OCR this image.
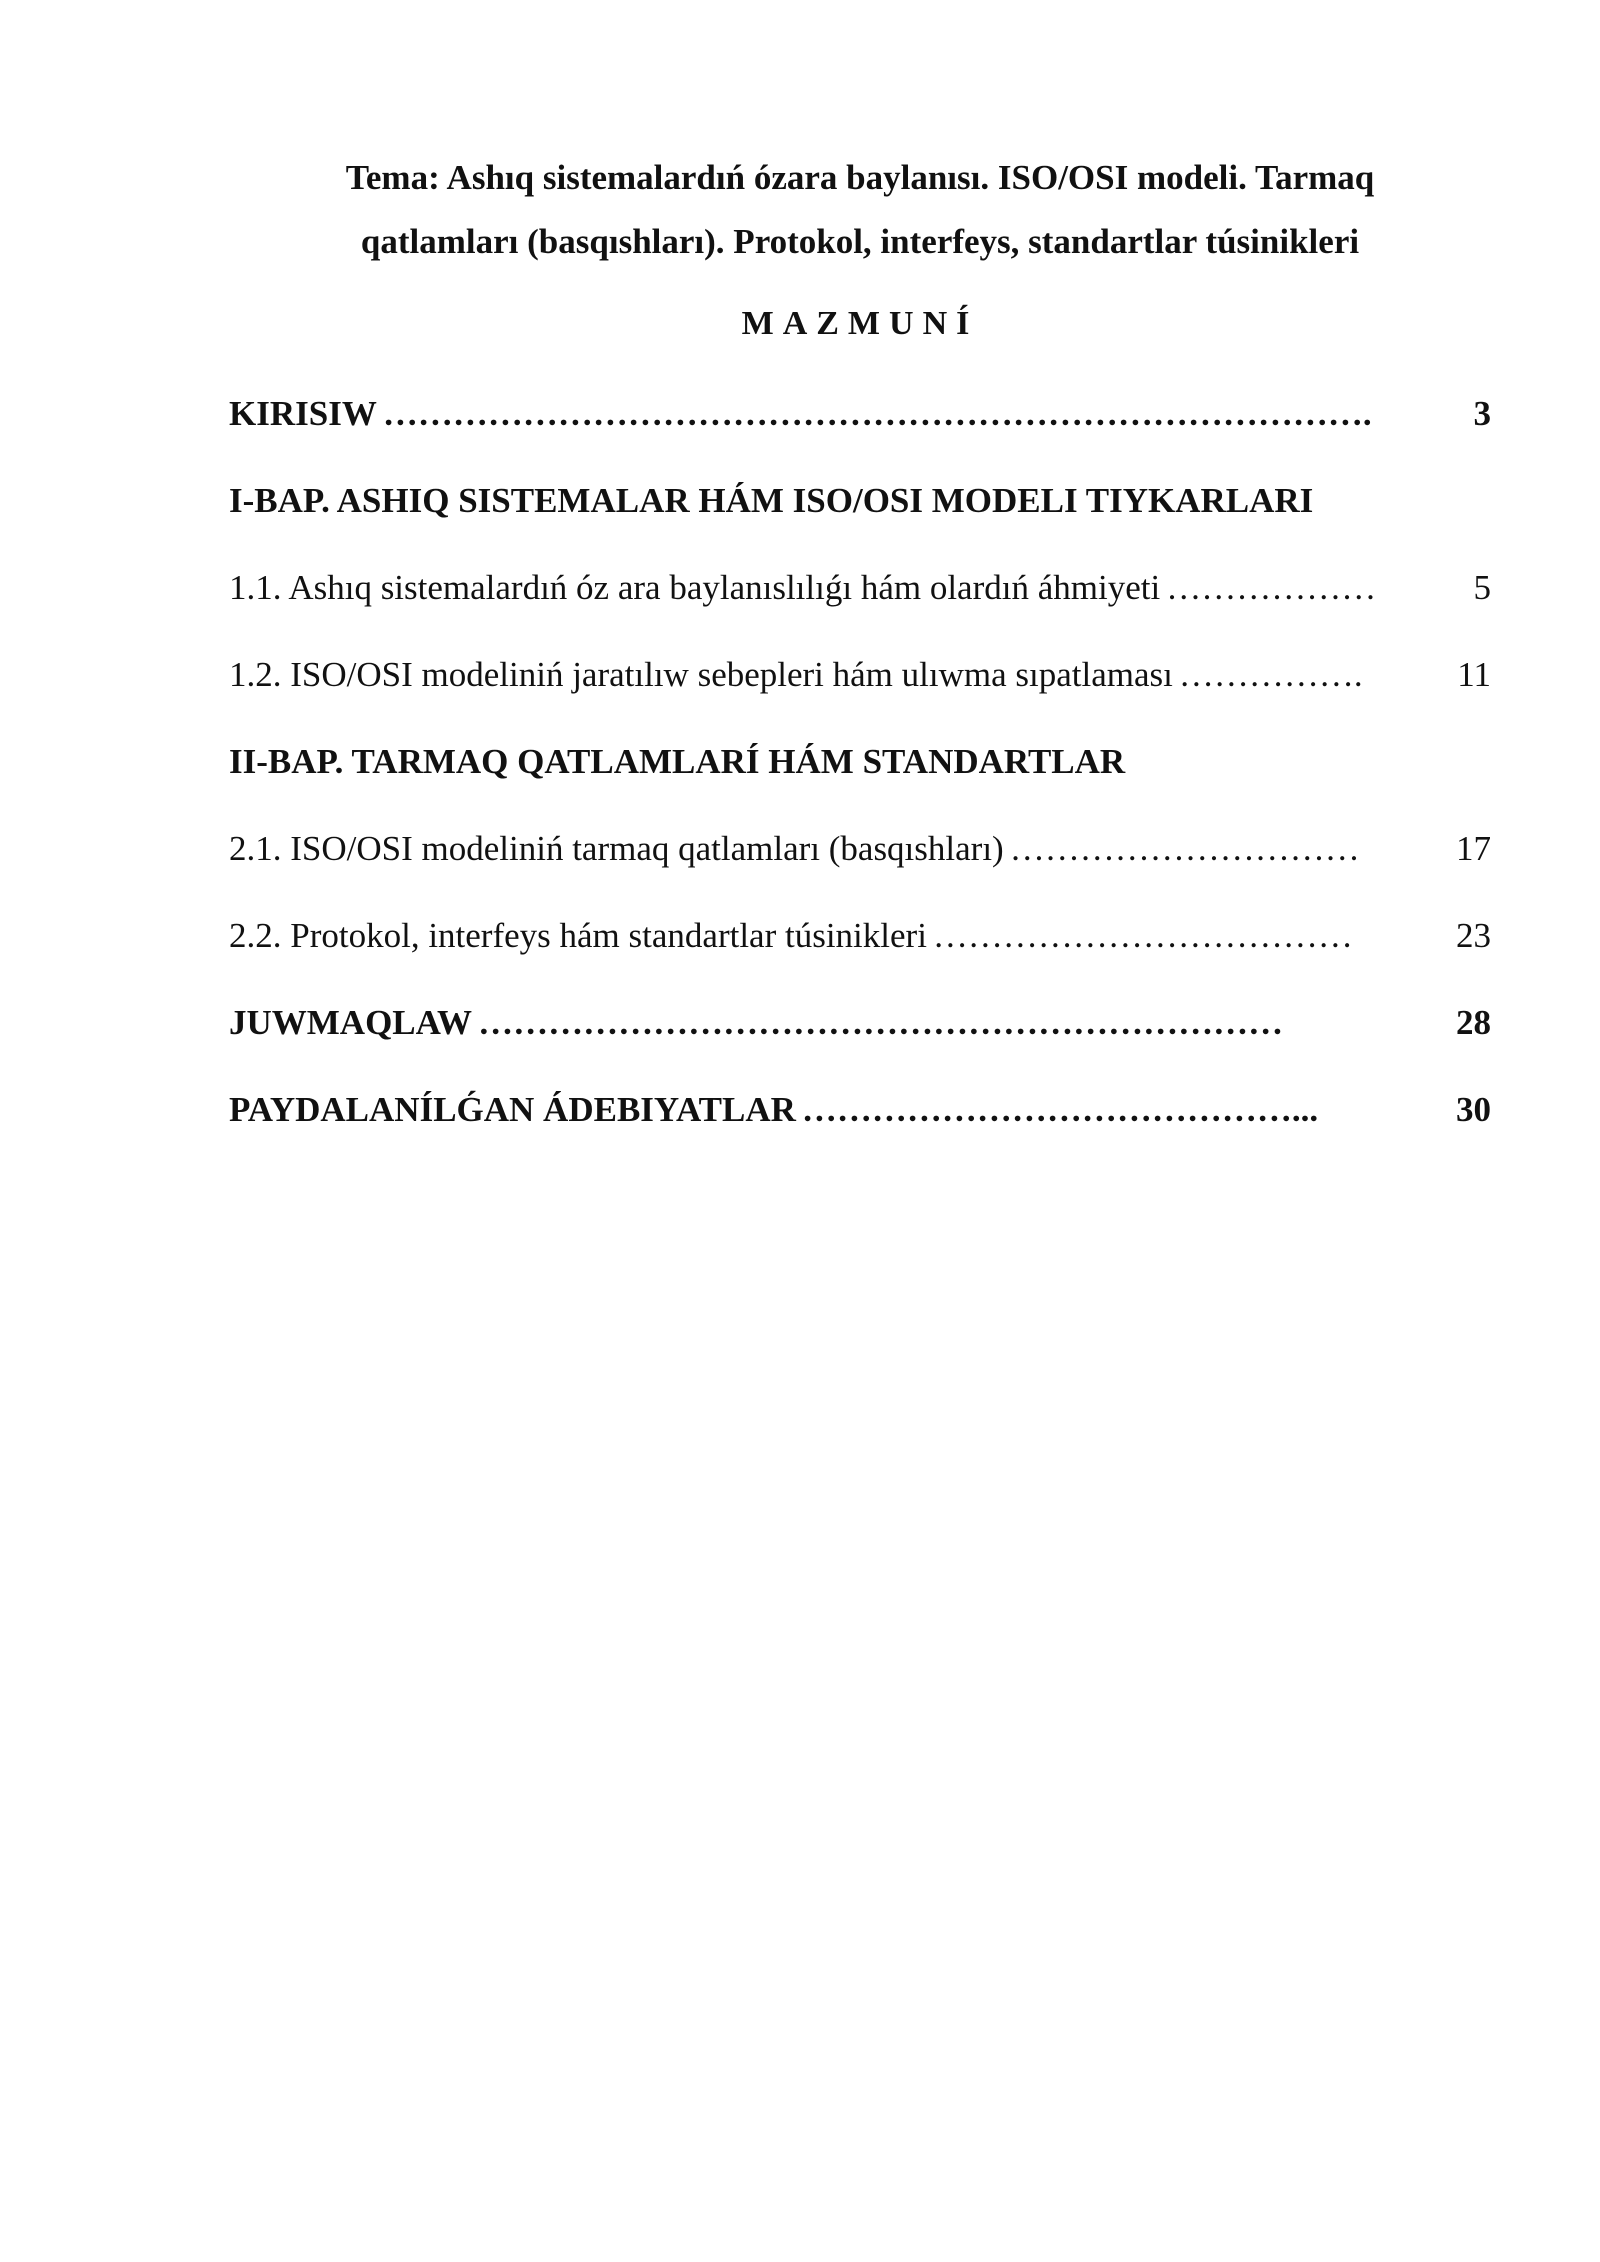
Tema: Ashıq sistemalardıń ózara baylanısı. ISO/OSI modeli. Tarmaq
qatlamları (basqıshları). Protokol, interfeys, standartlar túsinikleri
MAZMUNÍ
KIRISIW ………………………………………………………………………….	3
I-BAP. ASHIQ SISTEMALAR HÁM ISO/OSI MODELI TIYKARLARI
1.1. Ashıq sistemalardıń óz ara baylanıslılıǵı hám olardıń áhmiyeti ………………	5
1.2. ISO/OSI modeliniń jaratılıw sebepleri hám ulıwma sıpatlaması …………….	11
II-BAP. TARMAQ QATLAMLARÍ HÁM STANDARTLAR
2.1. ISO/OSI modeliniń tarmaq qatlamları (basqıshları) …………………………	17
2.2. Protokol, interfeys hám standartlar túsinikleri ………………………………	23
JUWMAQLAW ……………………………………………………………	28
PAYDALANÍLǴAN ÁDEBIYATLAR ……………………………………...	30
